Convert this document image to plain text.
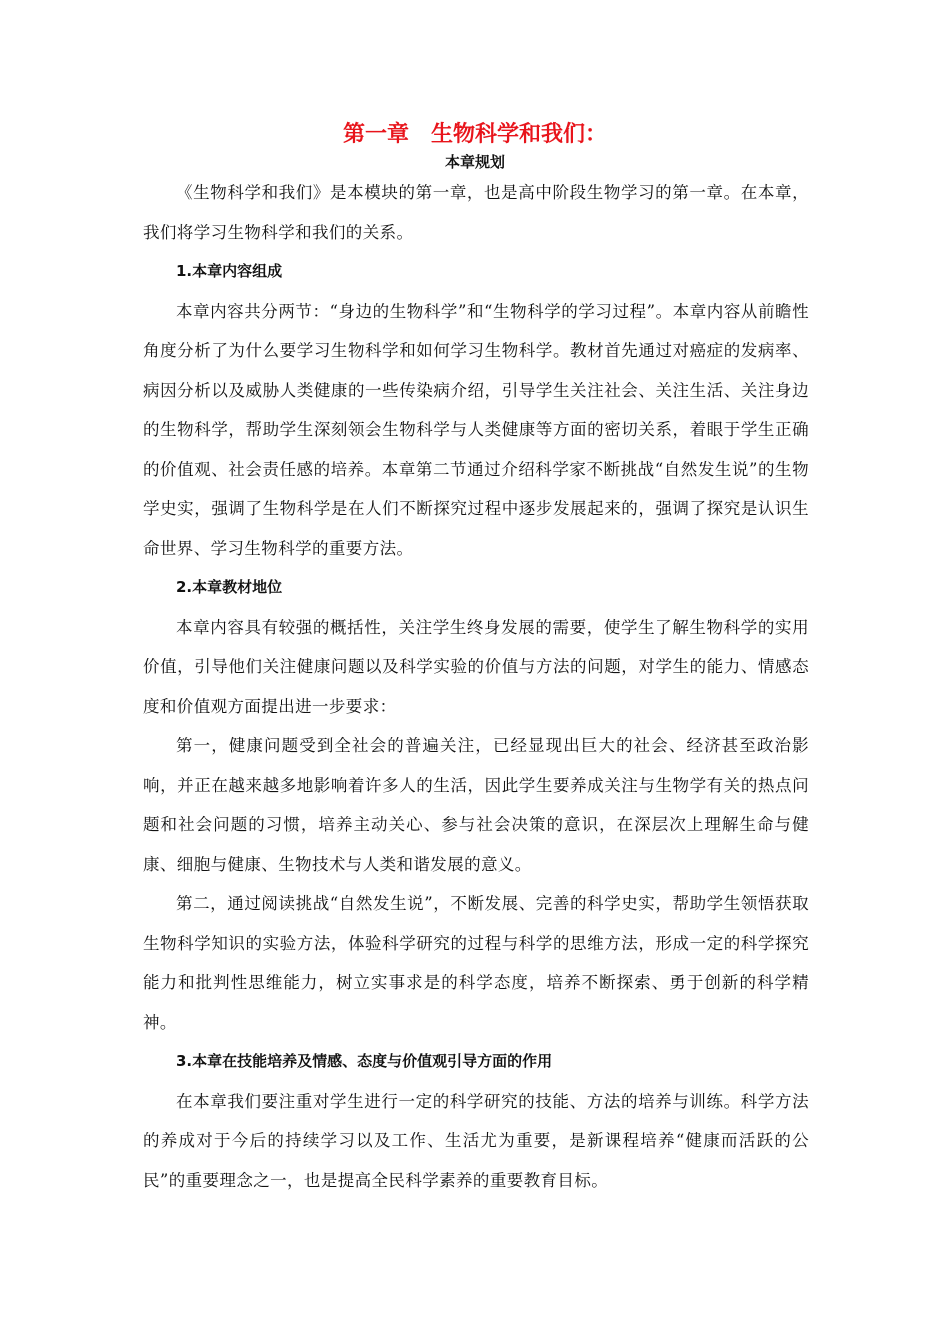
第一章　生物科学和我们：
本章规划

《生物科学和我们》是本模块的第一章，也是高中阶段生物学习的第一章。在本章，我们将学习生物科学和我们的关系。

1.本章内容组成

本章内容共分两节：“身边的生物科学”和“生物科学的学习过程”。本章内容从前瞻性角度分析了为什么要学习生物科学和如何学习生物科学。教材首先通过对癌症的发病率、病因分析以及威胁人类健康的一些传染病介绍，引导学生关注社会、关注生活、关注身边的生物科学，帮助学生深刻领会生物科学与人类健康等方面的密切关系，着眼于学生正确的价值观、社会责任感的培养。本章第二节通过介绍科学家不断挑战“自然发生说”的生物学史实，强调了生物科学是在人们不断探究过程中逐步发展起来的，强调了探究是认识生命世界、学习生物科学的重要方法。

2.本章教材地位

本章内容具有较强的概括性，关注学生终身发展的需要，使学生了解生物科学的实用价值，引导他们关注健康问题以及科学实验的价值与方法的问题，对学生的能力、情感态度和价值观方面提出进一步要求：

第一，健康问题受到全社会的普遍关注，已经显现出巨大的社会、经济甚至政治影响，并正在越来越多地影响着许多人的生活，因此学生要养成关注与生物学有关的热点问题和社会问题的习惯，培养主动关心、参与社会决策的意识，在深层次上理解生命与健康、细胞与健康、生物技术与人类和谐发展的意义。

第二，通过阅读挑战“自然发生说”，不断发展、完善的科学史实，帮助学生领悟获取生物科学知识的实验方法，体验科学研究的过程与科学的思维方法，形成一定的科学探究能力和批判性思维能力，树立实事求是的科学态度，培养不断探索、勇于创新的科学精神。

3.本章在技能培养及情感、态度与价值观引导方面的作用

在本章我们要注重对学生进行一定的科学研究的技能、方法的培养与训练。科学方法的养成对于今后的持续学习以及工作、生活尤为重要，是新课程培养“健康而活跃的公民”的重要理念之一，也是提高全民科学素养的重要教育目标。
